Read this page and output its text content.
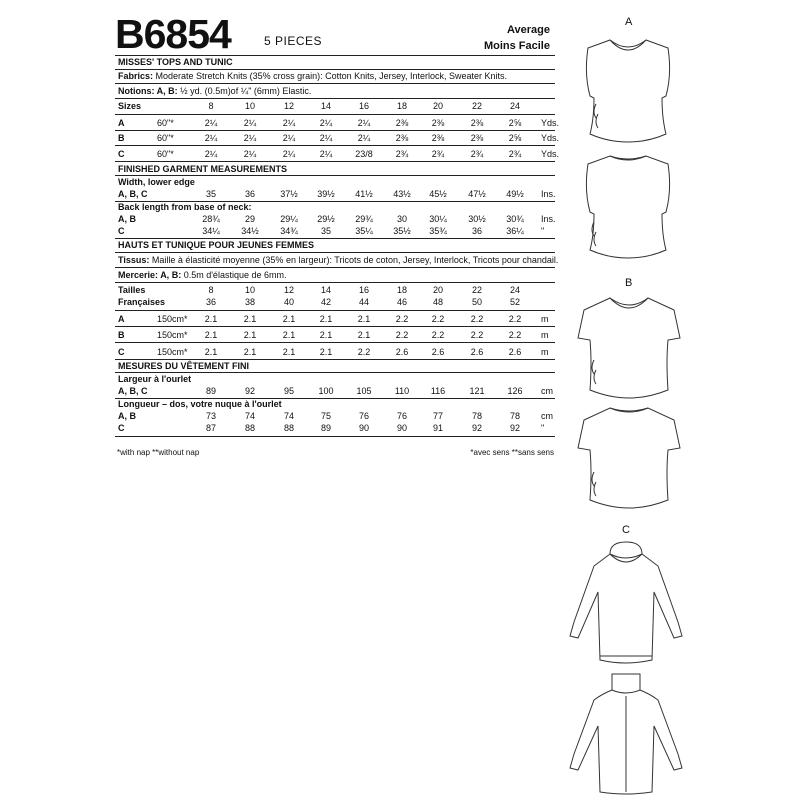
B6854	5 PIECES
Average
Moins Facile
MISSES' TOPS AND TUNIC
Fabrics: Moderate Stretch Knits (35% cross grain): Cotton Knits, Jersey, Interlock, Sweater Knits.
Notions: A, B: ½ yd. (0.5m)of ¼" (6mm) Elastic.
Sizes	8	10	12	14	16	18	20	22	24
A	60"*	2¼	2¼	2¼	2¼	2¼	2⅜	2⅜	2⅜	2⅝	Yds.
B	60"*	2¼	2¼	2¼	2¼	2¼	2⅜	2⅜	2⅜	2⅝	Yds.
C	60"*	2¼	2¼	2¼	2¼	23/8	2¾	2¾	2¾	2¾	Yds.
FINISHED GARMENT MEASUREMENTS
Width, lower edge
A, B, C	35	36	37½	39½	41½	43½	45½	47½	49½	Ins.
Back length from base of neck:
A, B	28¾	29	29¼	29½	29¾	30	30¼	30½	30¾	Ins.
C	34¼	34½	34¾	35	35¼	35½	35¾	36	36¼	"
HAUTS ET TUNIQUE POUR JEUNES FEMMES
Tissus: Maille à élasticité moyenne (35% en largeur): Tricots de coton, Jersey, Interlock, Tricots pour chandail.
Mercerie: A, B: 0.5m d'élastique de 6mm.
Tailles	8	10	12	14	16	18	20	22	24
Françaises	36	38	40	42	44	46	48	50	52
A	150cm*	2.1	2.1	2.1	2.1	2.1	2.2	2.2	2.2	2.2	m
B	150cm*	2.1	2.1	2.1	2.1	2.1	2.2	2.2	2.2	2.2	m
C	150cm*	2.1	2.1	2.1	2.1	2.2	2.6	2.6	2.6	2.6	m
MESURES DU VÊTEMENT FINI
Largeur à l'ourlet
A, B, C	89	92	95	100	105	110	116	121	126	cm
Longueur – dos, votre nuque à l'ourlet
A, B	73	74	74	75	76	76	77	78	78	cm
C	87	88	88	89	90	90	91	92	92	"
*with nap **without nap	*avec sens **sans sens
A
B
C
